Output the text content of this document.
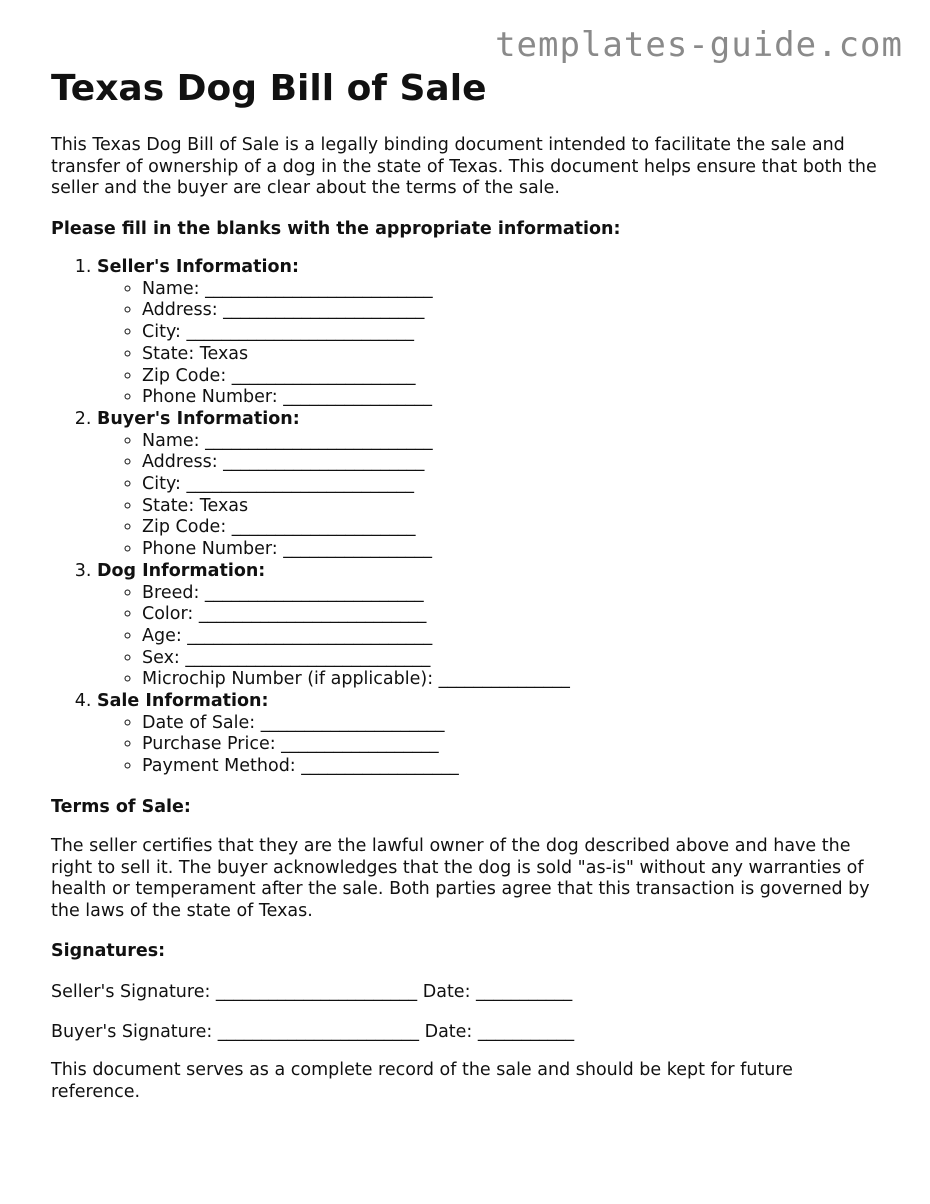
templates-guide.com
Texas Dog Bill of Sale

This Texas Dog Bill of Sale is a legally binding document intended to facilitate the sale and transfer of ownership of a dog in the state of Texas. This document helps ensure that both the seller and the buyer are clear about the terms of the sale.

Please fill in the blanks with the appropriate information:

1. Seller's Information:
◦ Name: __________________________
◦ Address: _______________________
◦ City: __________________________
◦ State: Texas
◦ Zip Code: _____________________
◦ Phone Number: _________________
2. Buyer's Information:
◦ Name: __________________________
◦ Address: _______________________
◦ City: __________________________
◦ State: Texas
◦ Zip Code: _____________________
◦ Phone Number: _________________
3. Dog Information:
◦ Breed: _________________________
◦ Color: __________________________
◦ Age: ____________________________
◦ Sex: ____________________________
◦ Microchip Number (if applicable): _______________
4. Sale Information:
◦ Date of Sale: _____________________
◦ Purchase Price: __________________
◦ Payment Method: __________________

Terms of Sale:

The seller certifies that they are the lawful owner of the dog described above and have the right to sell it. The buyer acknowledges that the dog is sold "as-is" without any warranties of health or temperament after the sale. Both parties agree that this transaction is governed by the laws of the state of Texas.

Signatures:

Seller's Signature: _______________________ Date: ___________

Buyer's Signature: _______________________ Date: ___________

This document serves as a complete record of the sale and should be kept for future reference.
